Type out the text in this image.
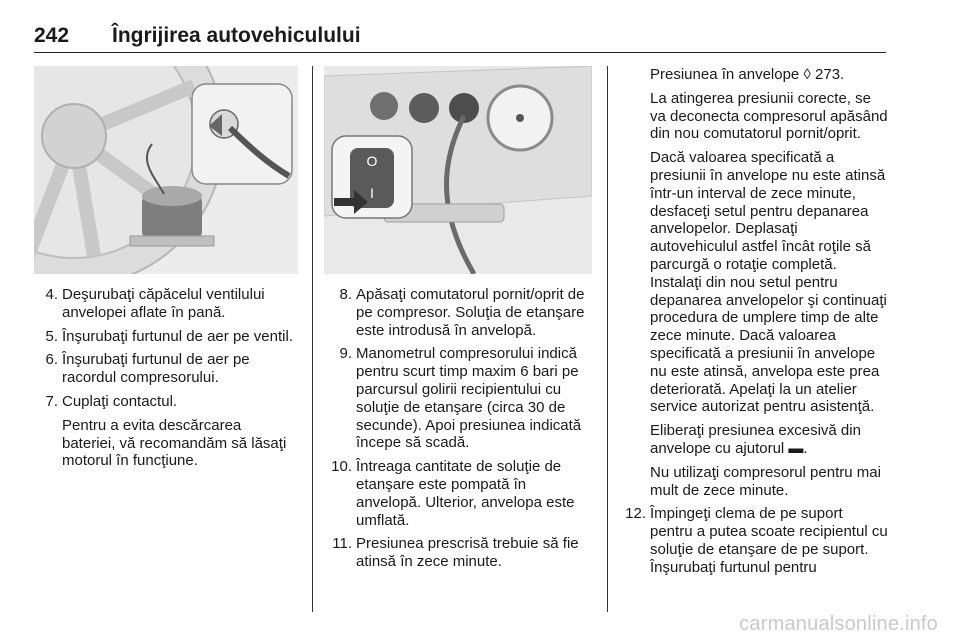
242 Îngrijirea autovehiculului
4. Deşurubaţi căpăcelul ventilului anvelopei aflate în pană.
5. Înşurubaţi furtunul de aer pe ventil.
6. Înşurubaţi furtunul de aer pe racordul compresorului.
7. Cuplaţi contactul.
Pentru a evita descărcarea bateriei, vă recomandăm să lăsaţi motorul în funcţiune.
O
I
8. Apăsaţi comutatorul pornit/oprit de pe compresor. Soluţia de etanşare este introdusă în anvelopă.
9. Manometrul compresorului indică pentru scurt timp maxim 6 bari pe parcursul golirii recipientului cu soluţie de etanşare (circa 30 de secunde). Apoi presiunea indicată începe să scadă.
10. Întreaga cantitate de soluţie de etanşare este pompată în anvelopă. Ulterior, anvelopa este umflată.
11. Presiunea prescrisă trebuie să fie atinsă în zece minute.
Presiunea în anvelope ◊ 273.
La atingerea presiunii corecte, se va deconecta compresorul apăsând din nou comutatorul pornit/oprit.
Dacă valoarea specificată a presiunii în anvelope nu este atinsă într-un interval de zece minute, desfaceţi setul pentru depanarea anvelopelor. Deplasaţi autovehiculul astfel încât roţile să parcurgă o rotaţie completă. Instalaţi din nou setul pentru depanarea anvelopelor şi continuaţi procedura de umplere timp de alte zece minute. Dacă valoarea specificată a presiunii în anvelope nu este atinsă, anvelopa este prea deteriorată. Apelaţi la un atelier service autorizat pentru asistenţă.
Eliberaţi presiunea excesivă din anvelope cu ajutorul ▬.
Nu utilizaţi compresorul pentru mai mult de zece minute.
12. Împingeţi clema de pe suport pentru a putea scoate recipientul cu soluţie de etanşare de pe suport. Înşurubaţi furtunul pentru
carmanualsonline.info
